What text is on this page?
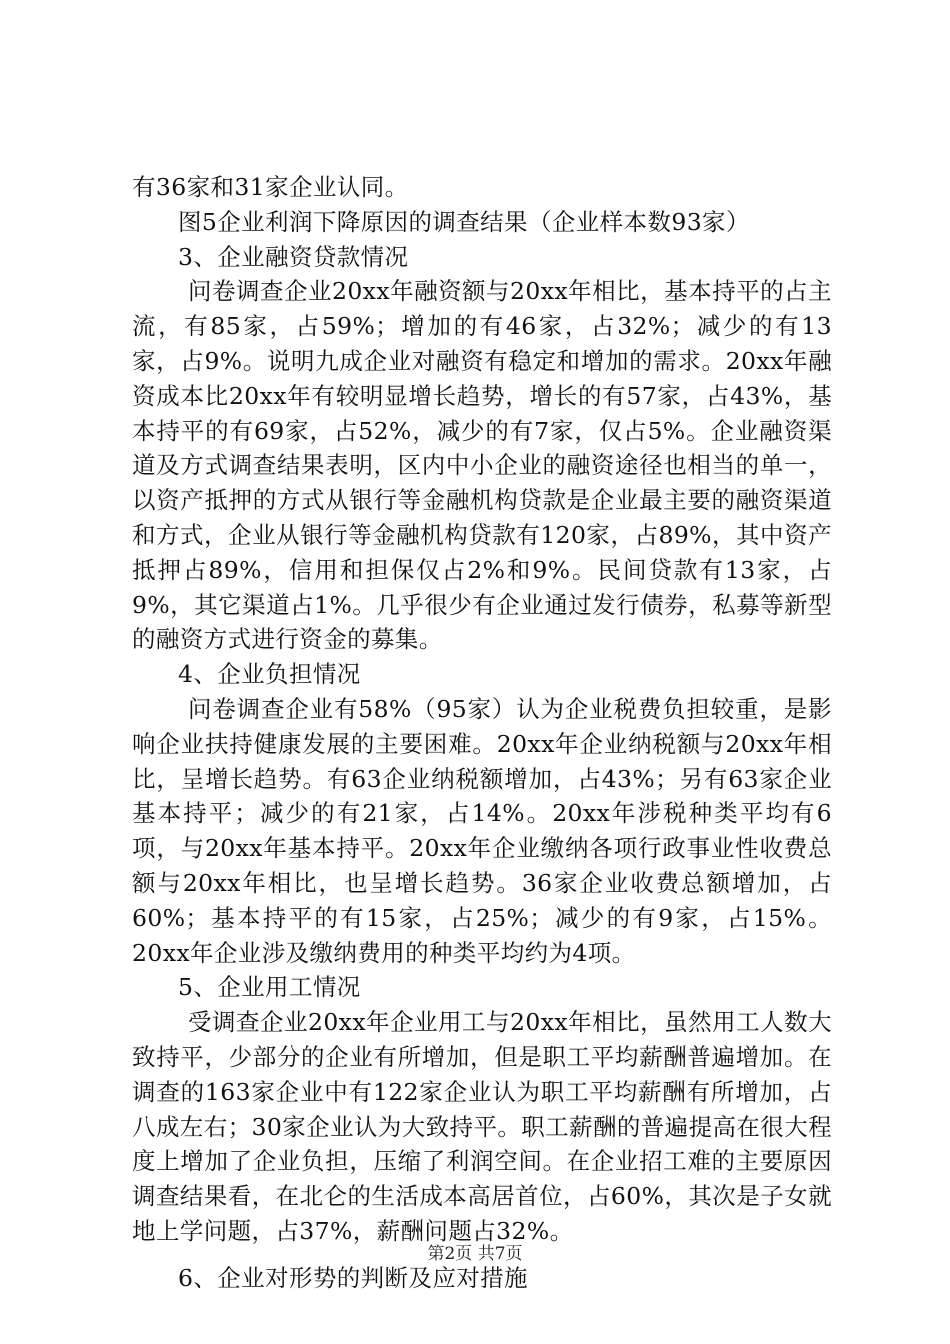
有36家和31家企业认同。

图5企业利润下降原因的调查结果（企业样本数93家）

3、企业融资贷款情况

问卷调查企业20xx年融资额与20xx年相比，基本持平的占主流，有85家，占59%；增加的有46家，占32%；减少的有13家，占9%。说明九成企业对融资有稳定和增加的需求。20xx年融资成本比20xx年有较明显增长趋势，增长的有57家，占43%，基本持平的有69家，占52%，减少的有7家，仅占5%。企业融资渠道及方式调查结果表明，区内中小企业的融资途径也相当的单一，以资产抵押的方式从银行等金融机构贷款是企业最主要的融资渠道和方式，企业从银行等金融机构贷款有120家，占89%，其中资产抵押占89%，信用和担保仅占2%和9%。民间贷款有13家，占9%，其它渠道占1%。几乎很少有企业通过发行债券，私募等新型的融资方式进行资金的募集。

4、企业负担情况

问卷调查企业有58%（95家）认为企业税费负担较重，是影响企业扶持健康发展的主要困难。20xx年企业纳税额与20xx年相比，呈增长趋势。有63企业纳税额增加，占43%；另有63家企业基本持平；减少的有21家，占14%。20xx年涉税种类平均有6项，与20xx年基本持平。20xx年企业缴纳各项行政事业性收费总额与20xx年相比，也呈增长趋势。36家企业收费总额增加，占60%；基本持平的有15家，占25%；减少的有9家，占15%。20xx年企业涉及缴纳费用的种类平均约为4项。

5、企业用工情况

受调查企业20xx年企业用工与20xx年相比，虽然用工人数大致持平，少部分的企业有所增加，但是职工平均薪酬普遍增加。在调查的163家企业中有122家企业认为职工平均薪酬有所增加，占八成左右；30家企业认为大致持平。职工薪酬的普遍提高在很大程度上增加了企业负担，压缩了利润空间。在企业招工难的主要原因调查结果看，在北仑的生活成本高居首位，占60%，其次是子女就地上学问题，占37%，薪酬问题占32%。

6、企业对形势的判断及应对措施

第2页 共7页
